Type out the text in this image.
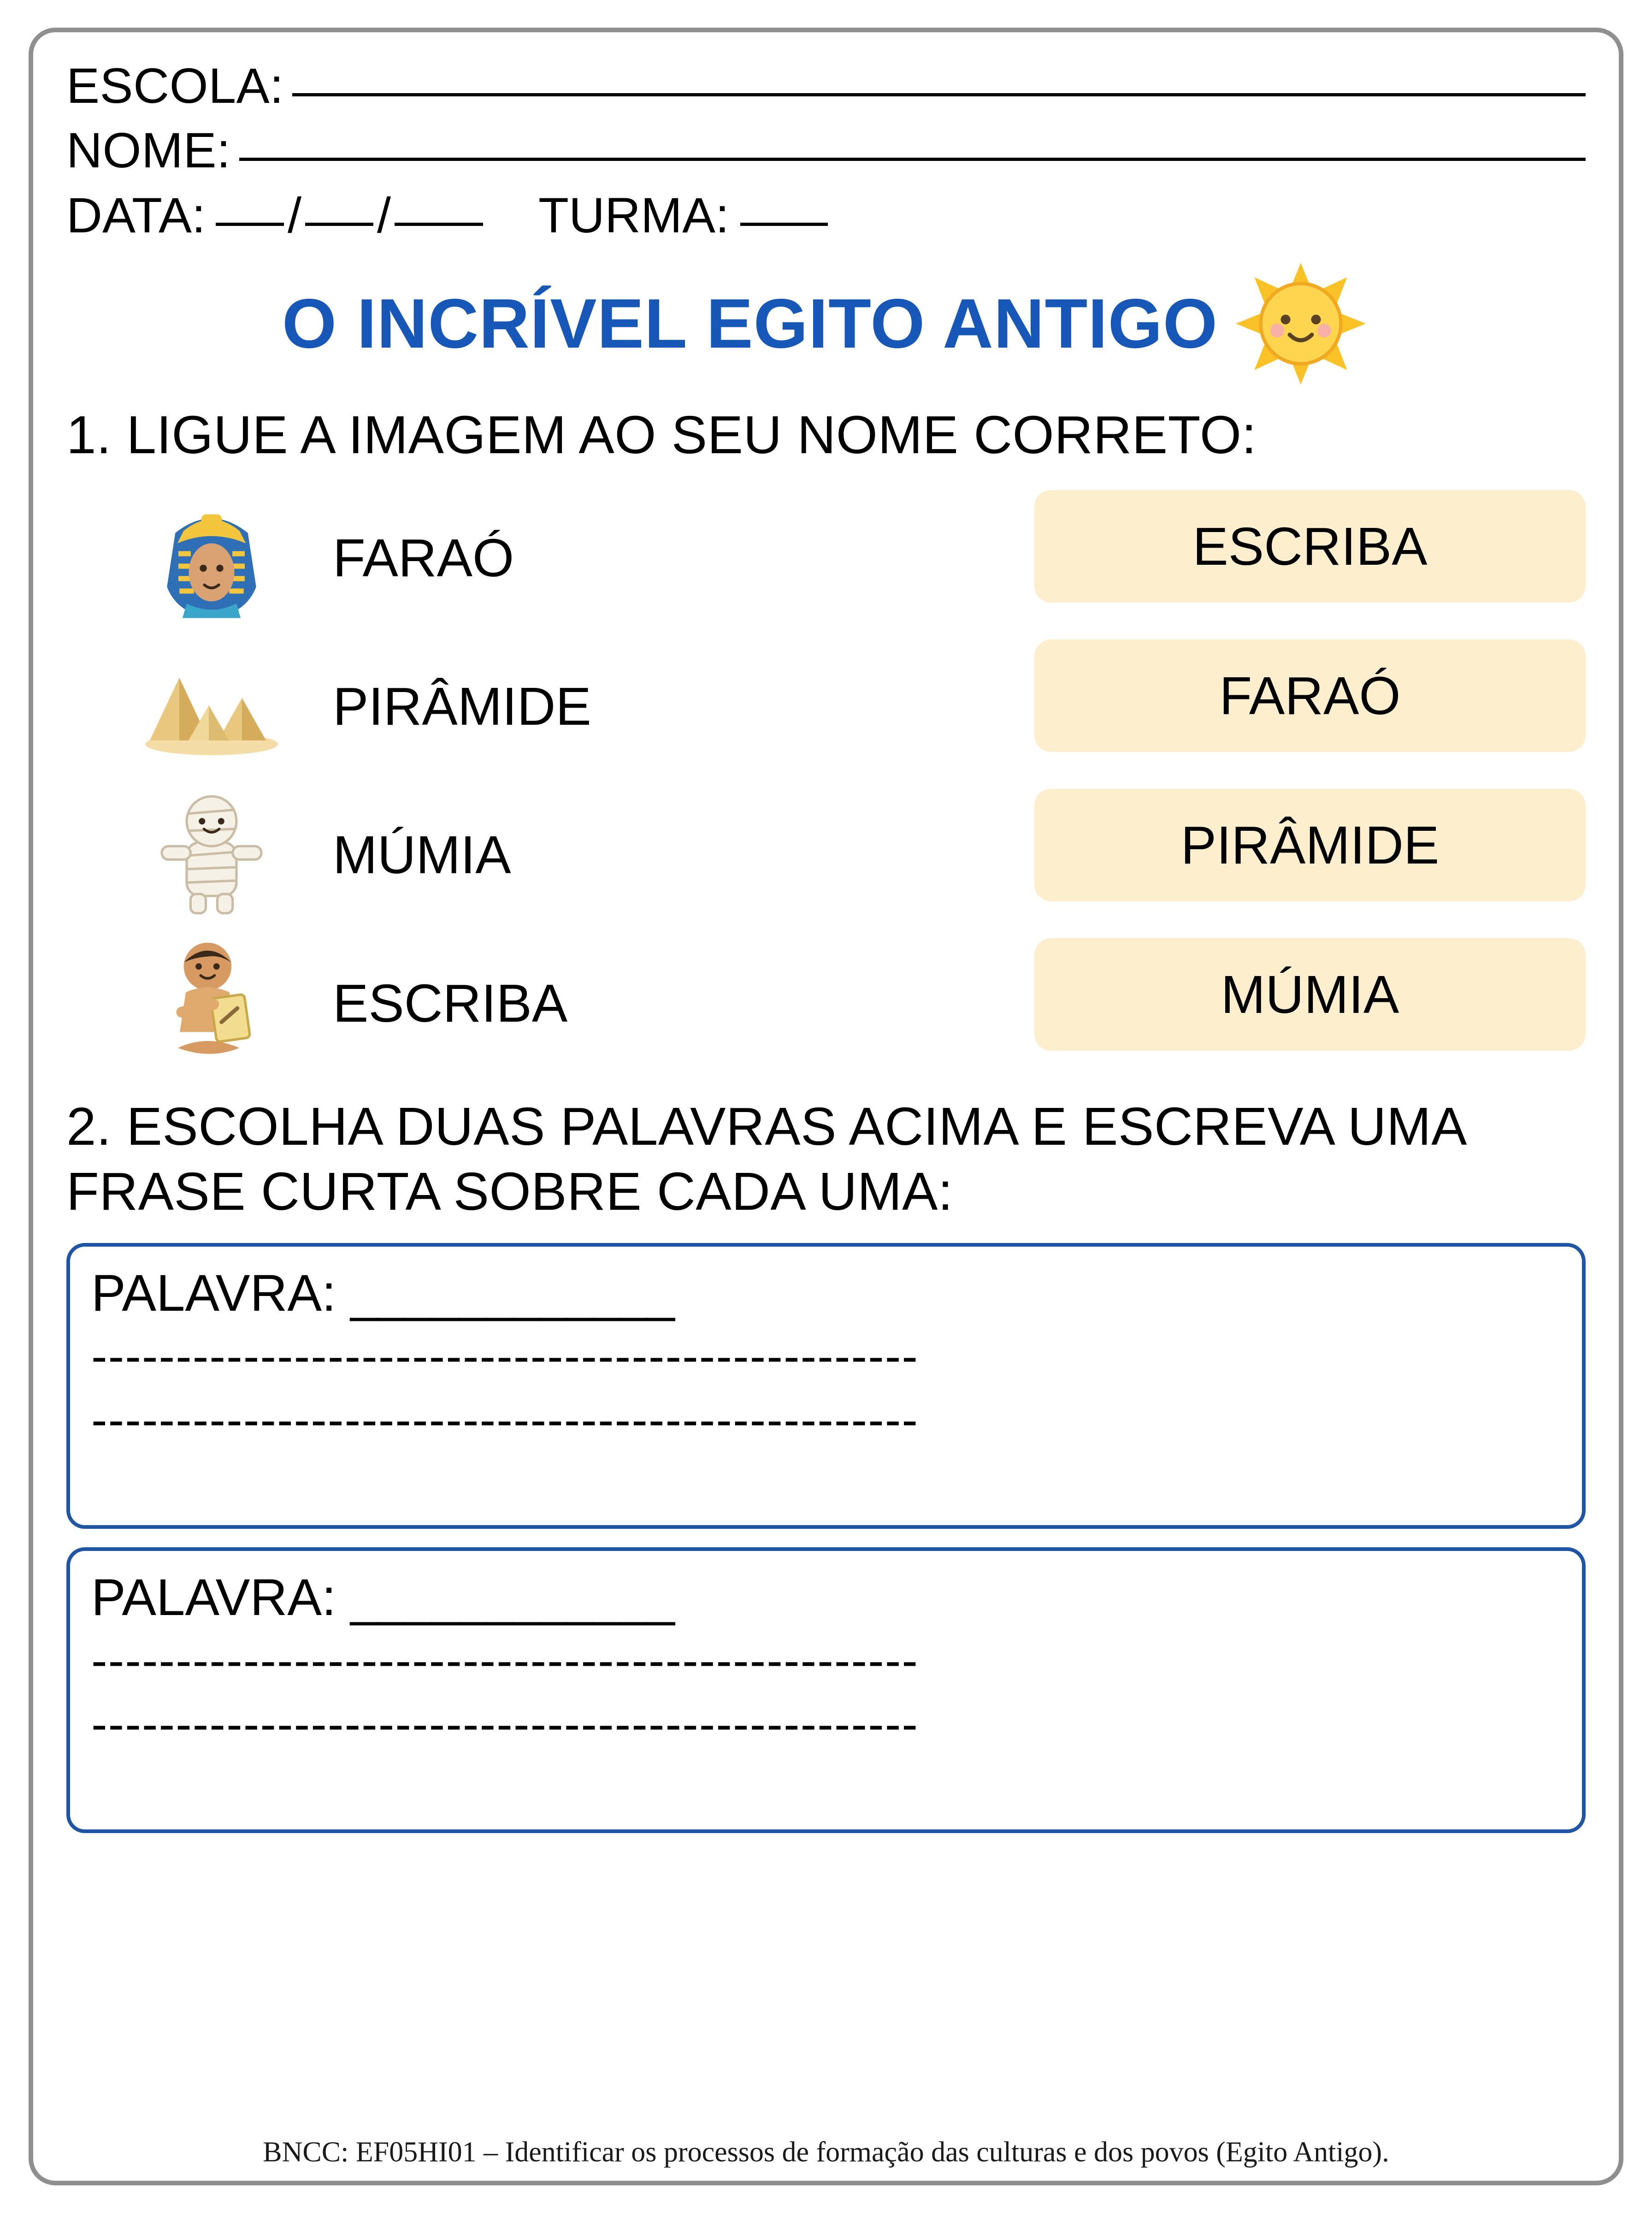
ESCOLA:
NOME:
DATA: / /	TURMA:
O INCRÍVEL EGITO ANTIGO
1. LIGUE A IMAGEM AO SEU NOME CORRETO:
FARAÓ
PIRÂMIDE
MÚMIA
ESCRIBA
ESCRIBA
FARAÓ
PIRÂMIDE
MÚMIA
2. ESCOLHA DUAS PALAVRAS ACIMA E ESCREVA UMA FRASE CURTA SOBRE CADA UMA:
PALAVRA: ____________
-------------------------------------------------
-------------------------------------------------
PALAVRA: ____________
-------------------------------------------------
-------------------------------------------------
BNCC: EF05HI01 – Identificar os processos de formação das culturas e dos povos (Egito Antigo).
